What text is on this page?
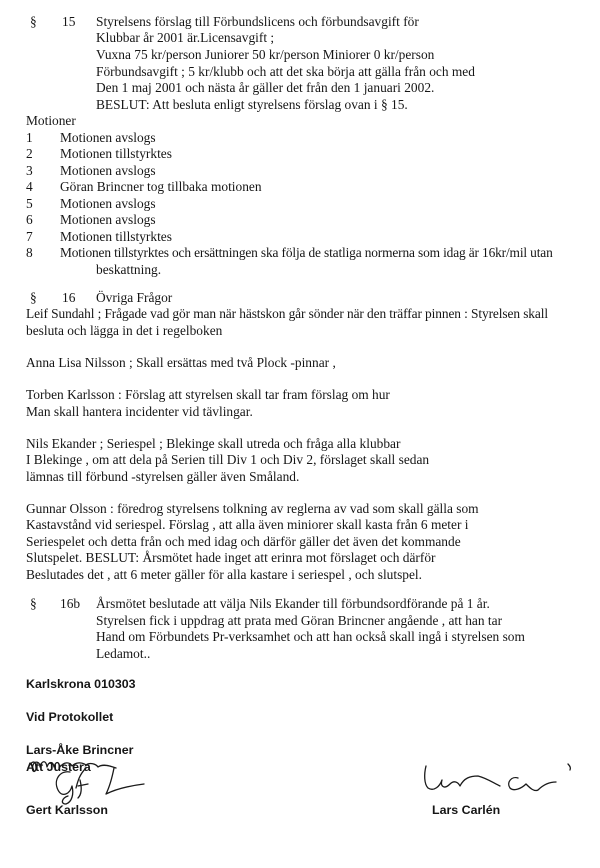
§ 15 Styrelsens förslag till Förbundslicens och förbundsavgift för
Klubbar år 2001 är.Licensavgift ;
Vuxna 75 kr/person Juniorer 50 kr/person Miniorer 0 kr/person
Förbundsavgift ; 5 kr/klubb och att det ska börja att gälla från och med
Den 1 maj 2001 och nästa år gäller det från den 1 januari 2002.
BESLUT: Att besluta enligt styrelsens förslag ovan i § 15.
Motioner
1 Motionen avslogs
2 Motionen tillstyrktes
3 Motionen avslogs
4 Göran Brincner tog tillbaka motionen
5 Motionen avslogs
6 Motionen avslogs
7 Motionen tillstyrktes
8 Motionen tillstyrktes och ersättningen ska följa de statliga normerna som idag är 16kr/mil utan
beskattning.
§ 16 Övriga Frågor
Leif Sundahl ; Frågade vad gör man när hästskon går sönder när den träffar pinnen : Styrelsen skall
besluta och lägga in det i regelboken
Anna Lisa Nilsson ; Skall ersättas med två Plock -pinnar ,
Torben Karlsson : Förslag att styrelsen skall tar fram förslag om hur
Man skall hantera incidenter vid tävlingar.
Nils Ekander ; Seriespel ; Blekinge skall utreda och fråga alla klubbar
I Blekinge , om att dela på Serien till Div 1 och Div 2, förslaget skall sedan
lämnas till förbund -styrelsen gäller även Småland.
Gunnar Olsson : föredrog styrelsens tolkning av reglerna av vad som skall gälla som
Kastavstånd vid seriespel. Förslag , att alla även miniorer skall kasta från 6 meter i
Seriespelet och detta från och med idag och därför gäller det även det kommande
Slutspelet. BESLUT: Årsmötet hade inget att erinra mot förslaget och därför
Beslutades det , att 6 meter gäller för alla kastare i seriespel , och slutspel.
§ 16b Årsmötet beslutade att välja Nils Ekander till förbundsordförande på 1 år.
Styrelsen fick i uppdrag att prata med Göran Brincner angående , att han tar
Hand om Förbundets Pr-verksamhet och att han också skall ingå i styrelsen som
Ledamot..
Karlskrona 010303
Vid Protokollet
Lars-Åke Brincner
Att Justera
Gert Karlsson	Lars Carlén
